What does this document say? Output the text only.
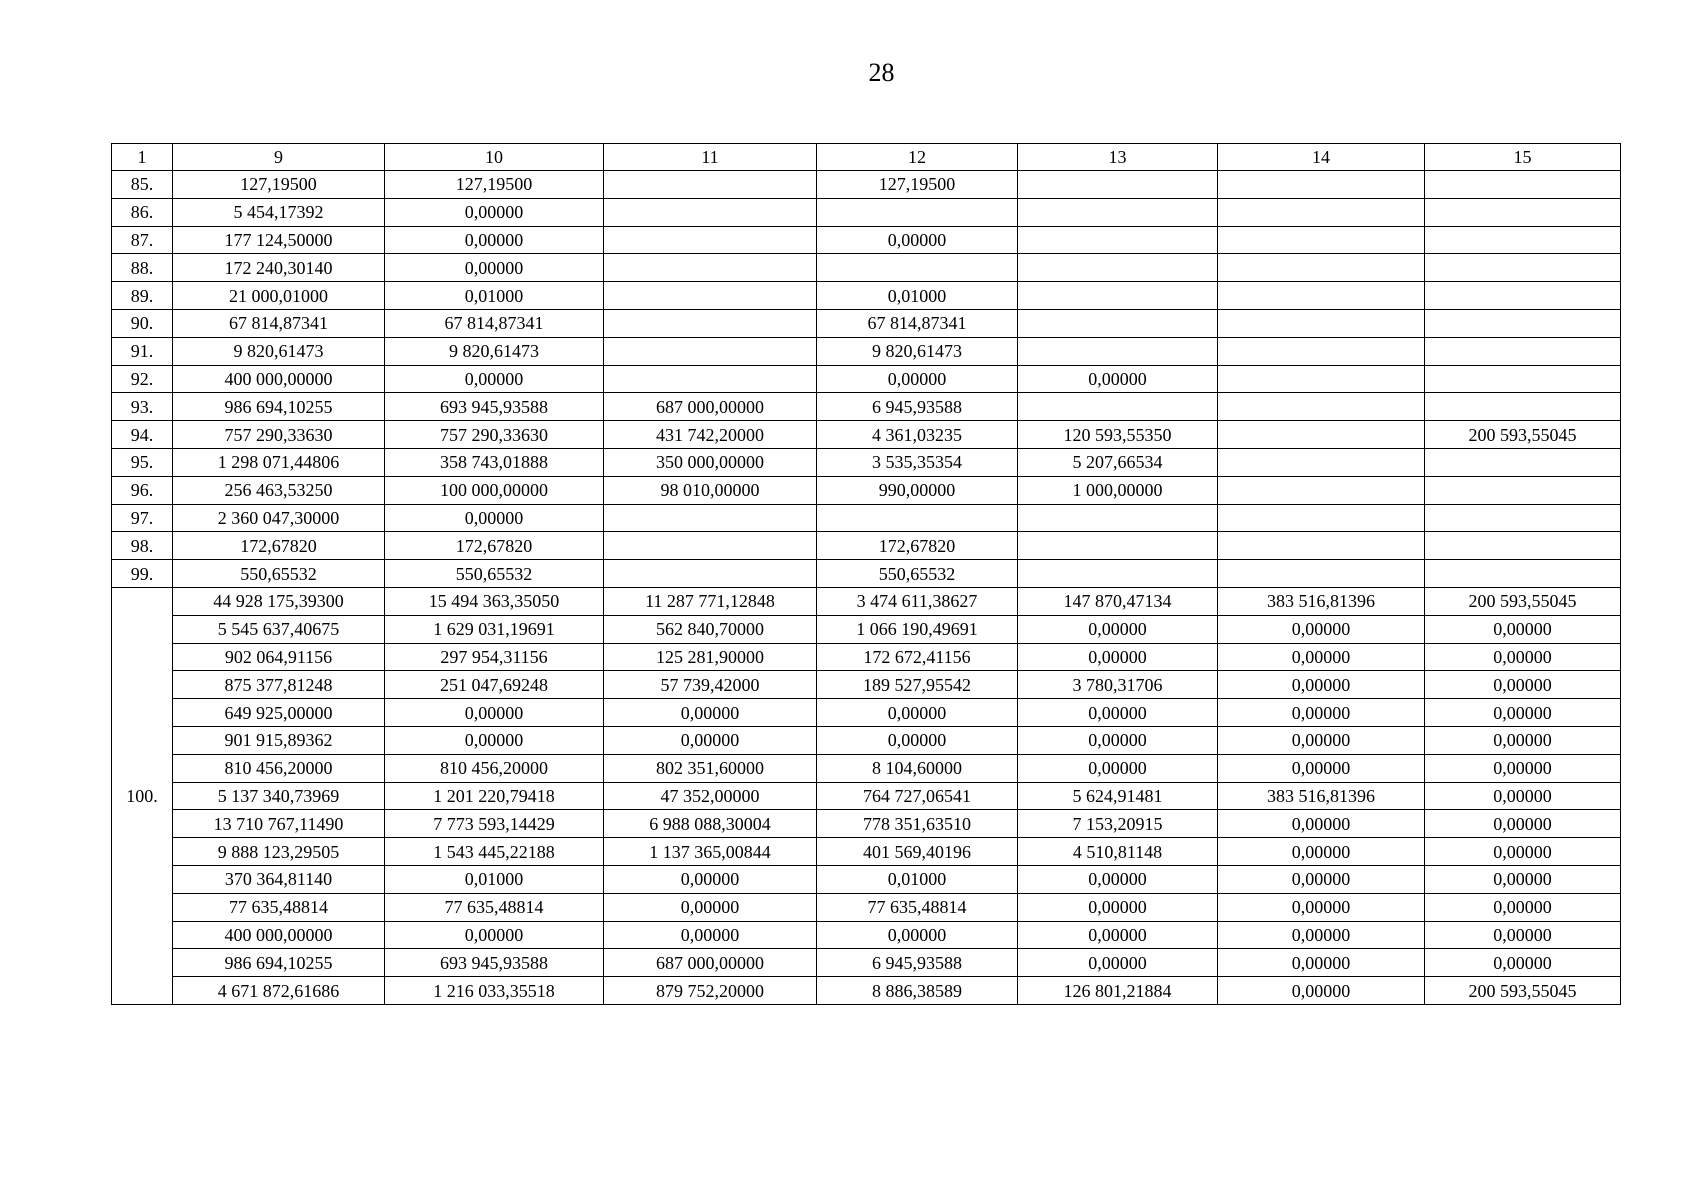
28
1	9	10	11	12	13	14	15
85.	127,19500	127,19500		127,19500			
86.	5 454,17392	0,00000					
87.	177 124,50000	0,00000		0,00000			
88.	172 240,30140	0,00000					
89.	21 000,01000	0,01000		0,01000			
90.	67 814,87341	67 814,87341		67 814,87341			
91.	9 820,61473	9 820,61473		9 820,61473			
92.	400 000,00000	0,00000		0,00000	0,00000		
93.	986 694,10255	693 945,93588	687 000,00000	6 945,93588			
94.	757 290,33630	757 290,33630	431 742,20000	4 361,03235	120 593,55350		200 593,55045
95.	1 298 071,44806	358 743,01888	350 000,00000	3 535,35354	5 207,66534		
96.	256 463,53250	100 000,00000	98 010,00000	990,00000	1 000,00000		
97.	2 360 047,30000	0,00000					
98.	172,67820	172,67820		172,67820			
99.	550,65532	550,65532		550,65532			
100.	44 928 175,39300	15 494 363,35050	11 287 771,12848	3 474 611,38627	147 870,47134	383 516,81396	200 593,55045
	5 545 637,40675	1 629 031,19691	562 840,70000	1 066 190,49691	0,00000	0,00000	0,00000
	902 064,91156	297 954,31156	125 281,90000	172 672,41156	0,00000	0,00000	0,00000
	875 377,81248	251 047,69248	57 739,42000	189 527,95542	3 780,31706	0,00000	0,00000
	649 925,00000	0,00000	0,00000	0,00000	0,00000	0,00000	0,00000
	901 915,89362	0,00000	0,00000	0,00000	0,00000	0,00000	0,00000
	810 456,20000	810 456,20000	802 351,60000	8 104,60000	0,00000	0,00000	0,00000
	5 137 340,73969	1 201 220,79418	47 352,00000	764 727,06541	5 624,91481	383 516,81396	0,00000
	13 710 767,11490	7 773 593,14429	6 988 088,30004	778 351,63510	7 153,20915	0,00000	0,00000
	9 888 123,29505	1 543 445,22188	1 137 365,00844	401 569,40196	4 510,81148	0,00000	0,00000
	370 364,81140	0,01000	0,00000	0,01000	0,00000	0,00000	0,00000
	77 635,48814	77 635,48814	0,00000	77 635,48814	0,00000	0,00000	0,00000
	400 000,00000	0,00000	0,00000	0,00000	0,00000	0,00000	0,00000
	986 694,10255	693 945,93588	687 000,00000	6 945,93588	0,00000	0,00000	0,00000
	4 671 872,61686	1 216 033,35518	879 752,20000	8 886,38589	126 801,21884	0,00000	200 593,55045
